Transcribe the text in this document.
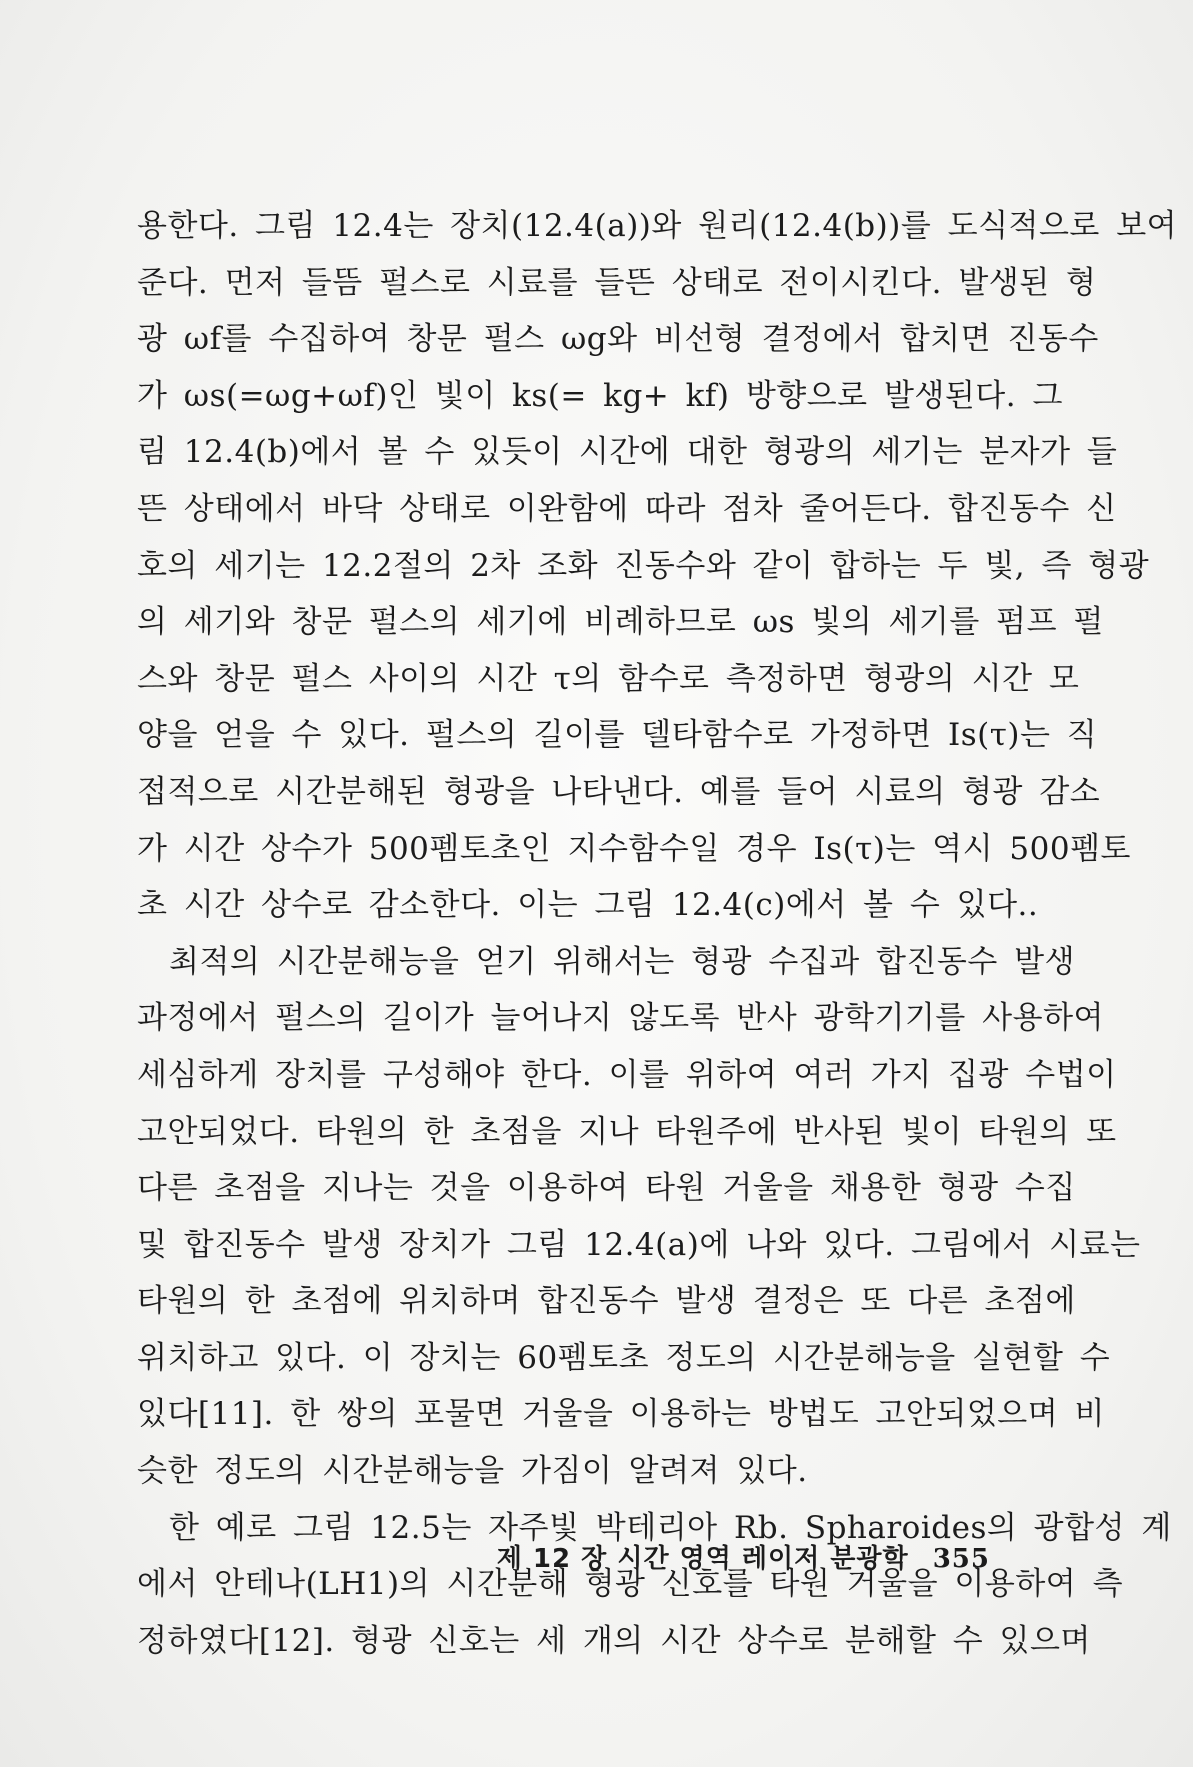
용한다. 그림 12.4는 장치(12.4(a))와 원리(12.4(b))를 도식적으로 보여
준다. 먼저 들뜸 펄스로 시료를 들뜬 상태로 전이시킨다. 발생된 형
광 ωf를 수집하여 창문 펄스 ωg와 비선형 결정에서 합치면 진동수
가 ωs(=ωg+ωf)인 빛이 ks(= kg+ kf) 방향으로 발생된다. 그
림 12.4(b)에서 볼 수 있듯이 시간에 대한 형광의 세기는 분자가 들
뜬 상태에서 바닥 상태로 이완함에 따라 점차 줄어든다. 합진동수 신
호의 세기는 12.2절의 2차 조화 진동수와 같이 합하는 두 빛, 즉 형광
의 세기와 창문 펄스의 세기에 비례하므로 ωs 빛의 세기를 펌프 펄
스와 창문 펄스 사이의 시간 τ의 함수로 측정하면 형광의 시간 모
양을 얻을 수 있다. 펄스의 길이를 델타함수로 가정하면 Is(τ)는 직
접적으로 시간분해된 형광을 나타낸다. 예를 들어 시료의 형광 감소
가 시간 상수가 500펨토초인 지수함수일 경우 Is(τ)는 역시 500펨토
초 시간 상수로 감소한다. 이는 그림 12.4(c)에서 볼 수 있다..
최적의 시간분해능을 얻기 위해서는 형광 수집과 합진동수 발생
과정에서 펄스의 길이가 늘어나지 않도록 반사 광학기기를 사용하여
세심하게 장치를 구성해야 한다. 이를 위하여 여러 가지 집광 수법이
고안되었다. 타원의 한 초점을 지나 타원주에 반사된 빛이 타원의 또
다른 초점을 지나는 것을 이용하여 타원 거울을 채용한 형광 수집
및 합진동수 발생 장치가 그림 12.4(a)에 나와 있다. 그림에서 시료는
타원의 한 초점에 위치하며 합진동수 발생 결정은 또 다른 초점에
위치하고 있다. 이 장치는 60펨토초 정도의 시간분해능을 실현할 수
있다[11]. 한 쌍의 포물면 거울을 이용하는 방법도 고안되었으며 비
슷한 정도의 시간분해능을 가짐이 알려져 있다.
한 예로 그림 12.5는 자주빛 박테리아 Rb. Spharoides의 광합성 계
에서 안테나(LH1)의 시간분해 형광 신호를 타원 거울을 이용하여 측
정하였다[12]. 형광 신호는 세 개의 시간 상수로 분해할 수 있으며
제 12 장 시간 영역 레이저 분광학 355
